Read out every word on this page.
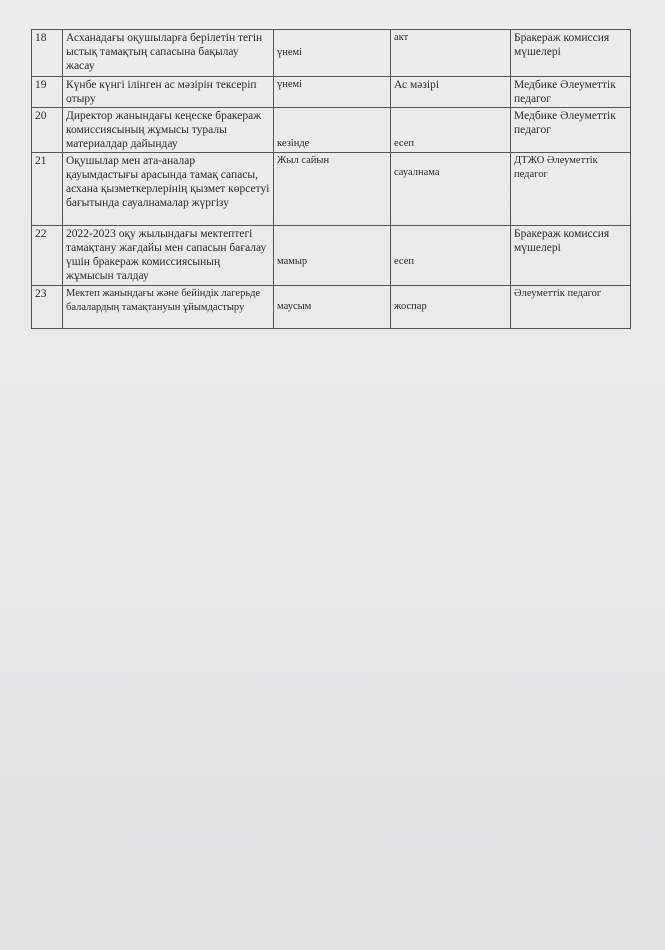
18	Асханадағы оқушыларға берілетін тегін ыстық тамақтың сапасына бақылау жасау	үнемі	акт	Бракераж комиссия мүшелері
19	Күнбе күнгі ілінген ас мәзірін тексеріп отыру	үнемі	Ас мәзірі	Медбике Әлеуметтік педагог
20	Директор жанындағы кеңеске бракераж комиссиясының жұмысы туралы материалдар дайындау	кезінде	есеп	Медбике Әлеуметтік педагог
21	Оқушылар мен ата-аналар қауымдастығы арасында тамақ сапасы, асхана қызметкерлерінің қызмет көрсетуі бағытында сауалнамалар жүргізу	Жыл сайын	сауалнама	ДТЖО Әлеуметтік педагог
22	2022-2023 оқу жылындағы мектептегі тамақтану жағдайы мен сапасын бағалау үшін бракераж комиссиясының жұмысын талдау	мамыр	есеп	Бракераж комиссия мүшелері
23	Мектеп жанындағы және бейіндік лагерьде балалардың тамақтануын ұйымдастыру	маусым	жоспар	Әлеуметтік педагог
